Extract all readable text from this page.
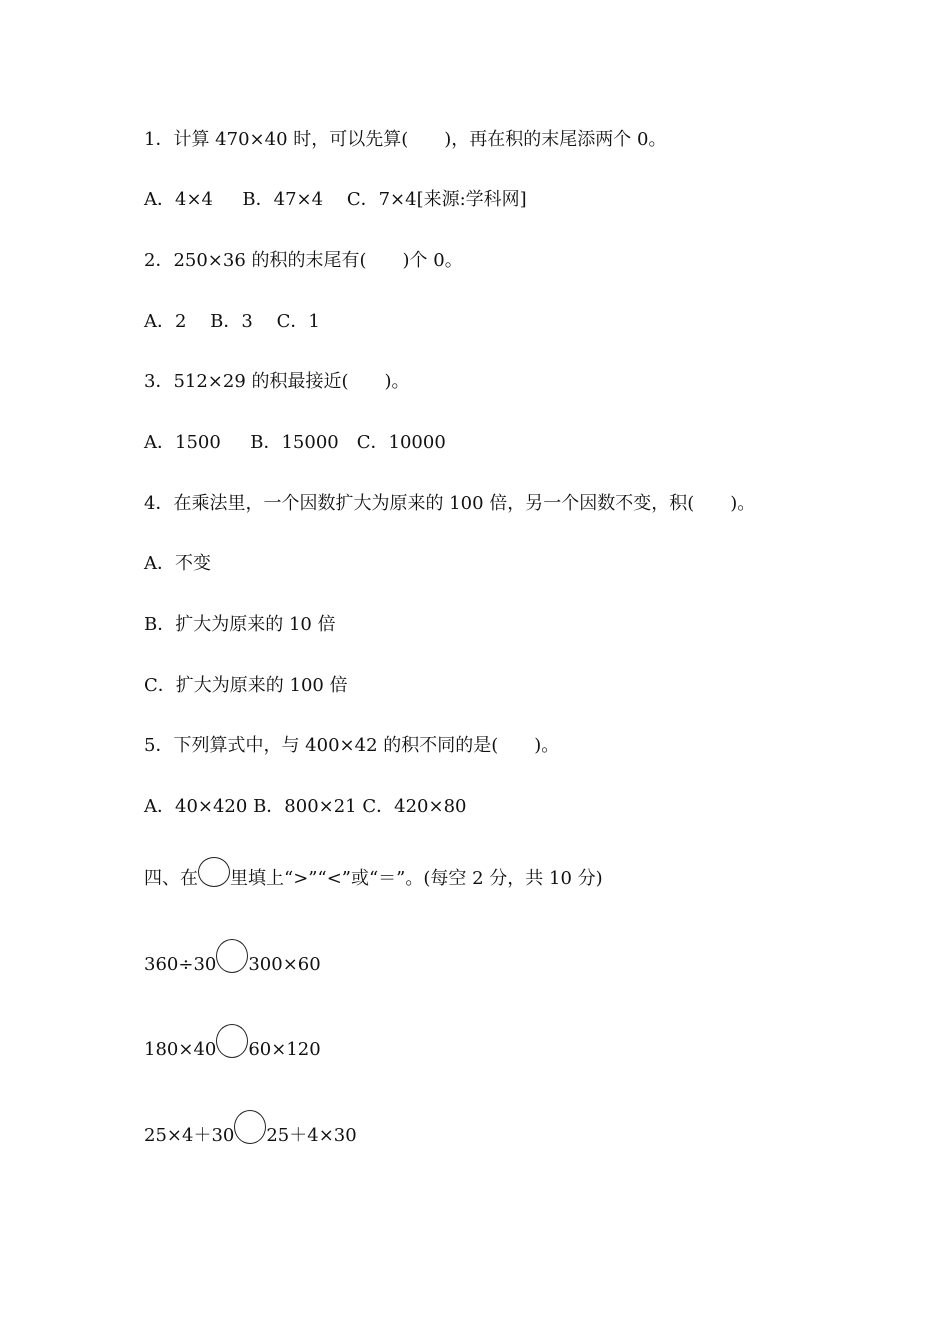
1．计算 470×40 时，可以先算(　　)，再在积的末尾添两个 0。

A．4×4　  B．47×4　 C．7×4[来源:学科网]

2．250×36 的积的末尾有(　　)个 0。

A．2　 B．3　 C．1

3．512×29 的积最接近(　　)。

A．1500　  B．15000　C．10000

4．在乘法里，一个因数扩大为原来的 100 倍，另一个因数不变，积(　　)。

A．不变

B．扩大为原来的 10 倍

C．扩大为原来的 100 倍

5．下列算式中，与 400×42 的积不同的是(　　)。

A．40×420 B．800×21 C．420×80

四、在 里填上“>”“<”或“＝”。(每空 2 分，共 10 分)
360÷30 300×60
180×40 60×120
25×4＋30 25＋4×30
